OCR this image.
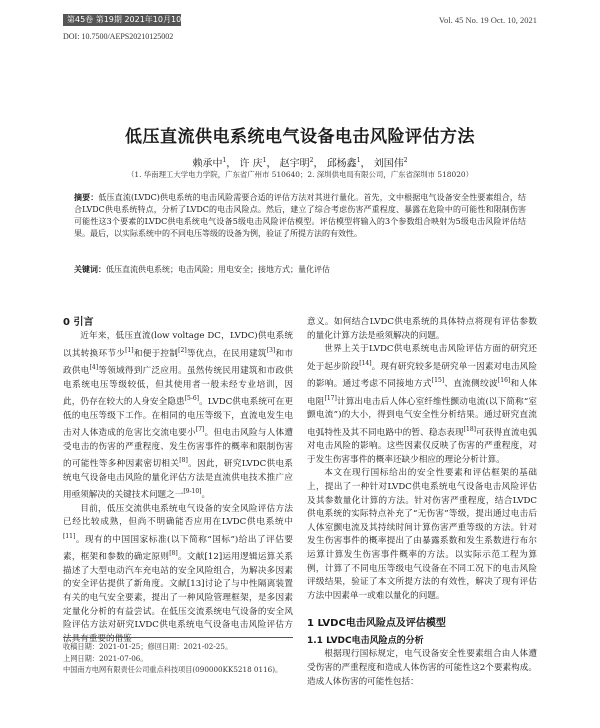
第45卷 第19期 2021年10月10日	Vol. 45 No. 19 Oct. 10, 2021
DOI: 10.7500/AEPS20210125002
低压直流供电系统电气设备电击风险评估方法
赖承中$^1$， 许 庆$^1$， 赵宇明$^2$， 邱杨鑫$^1$， 刘国伟$^2$
（1. 华南理工大学电力学院，广东省广州市 510640；2. 深圳供电局有限公司，广东省深圳市 518020）
摘要：低压直流(LVDC)供电系统的电击风险需要合适的评估方法对其进行量化。首先，文中根据电气设备安全性要素组合，结合LVDC供电系统特点，分析了LVDC的电击风险点。然后，建立了综合考虑伤害严重程度、暴露在危险中的可能性和限制伤害可能性这3个要素的LVDC供电系统电气设备5级电击风险评估模型。评估模型将输入的3个参数组合映射为5级电击风险评估结果。最后，以实际系统中的不同电压等级的设备为例，验证了所提方法的有效性。
关键词：低压直流供电系统；电击风险；用电安全；接地方式；量化评估

0 引言

近年来，低压直流(low voltage DC，LVDC)供电系统以其转换环节少[1]和便于控制[2]等优点，在民用建筑[3]和市政供电[4]等领域得到广泛应用。虽然传统民用建筑和市政供电系统电压等级较低，但其使用者一般未经专业培训，因此，仍存在较大的人身安全隐患[5-6]。LVDC供电系统可在更低的电压等级下工作。在相同的电压等级下，直流电发生电击对人体造成的危害比交流电要小[7]。但电击风险与人体遭受电击的伤害的严重程度、发生伤害事件的概率和限制伤害的可能性等多种因素密切相关[8]。因此，研究LVDC供电系统电气设备电击风险的量化评估方法是直流供电技术推广应用亟须解决的关键技术问题之一[9-10]。

目前，低压交流供电系统电气设备的安全风险评估方法已经比较成熟，但尚不明确能否应用在LVDC供电系统中[11]。现有的中国国家标准(以下简称“国标”)给出了评估要素，框架和参数的确定原则[8]。文献[12]运用逻辑运算关系描述了大型电动汽车充电站的安全风险组合，为解决多因素的安全评估提供了新角度。文献[13]讨论了与中性隔离装置有关的电气安全要素，提出了一种风险管理框架，是多因素定量化分析的有益尝试。在低压交流系统电气设备的安全风险评估方法对研究LVDC供电系统电气设备电击风险评估方法具有重要的借鉴

意义。如何结合LVDC供电系统的具体特点将现有评估参数的量化计算方法是亟须解决的问题。

世界上关于LVDC供电系统电击风险评估方面的研究还处于起步阶段[14]。现有研究较多是研究单一因素对电击风险的影响。通过考虑不同接地方式[15]、直流侧绞波[16]和人体电阻[17]计算出电击后人体心室纤维性颤动电流(以下简称“室颤电流”)的大小，得到电气安全性分析结果。通过研究直流电弧特性及其不同电路中的暂、稳态表现[18]可获得直流电弧对电击风险的影响。这些因素仅反映了伤害的严重程度，对于发生伤害事件的概率还缺少相应的理论分析计算。

本文在现行国标给出的安全性要素和评估框架的基础上，提出了一种针对LVDC供电系统电气设备电击风险评估及其参数量化计算的方法。针对伤害严重程度，结合LVDC供电系统的实际特点补充了“无伤害”等级，提出通过电击后人体室颤电流及其持续时间计算伤害严重等级的方法。针对发生伤害事件的概率提出了由暴露系数和发生系数进行布尔运算计算发生伤害事件概率的方法。以实际示范工程为算例，计算了不同电压等级电气设备在不同工况下的电击风险评级结果，验证了本文所提方法的有效性，解决了现有评估方法中因素单一或难以量化的问题。

1 LVDC电击风险点及评估模型

1.1 LVDC电击风险点的分析

根据现行国标规定，电气设备安全性要素组合由人体遭受伤害的严重程度和造成人体伤害的可能性这2个要素构成。造成人体伤害的可能性包括：

收稿日期：2021-01-25；修回日期：2021-02-25。
上网日期：2021-07-06。
中国南方电网有限责任公司重点科技项目(090000KK5218 0116)。
